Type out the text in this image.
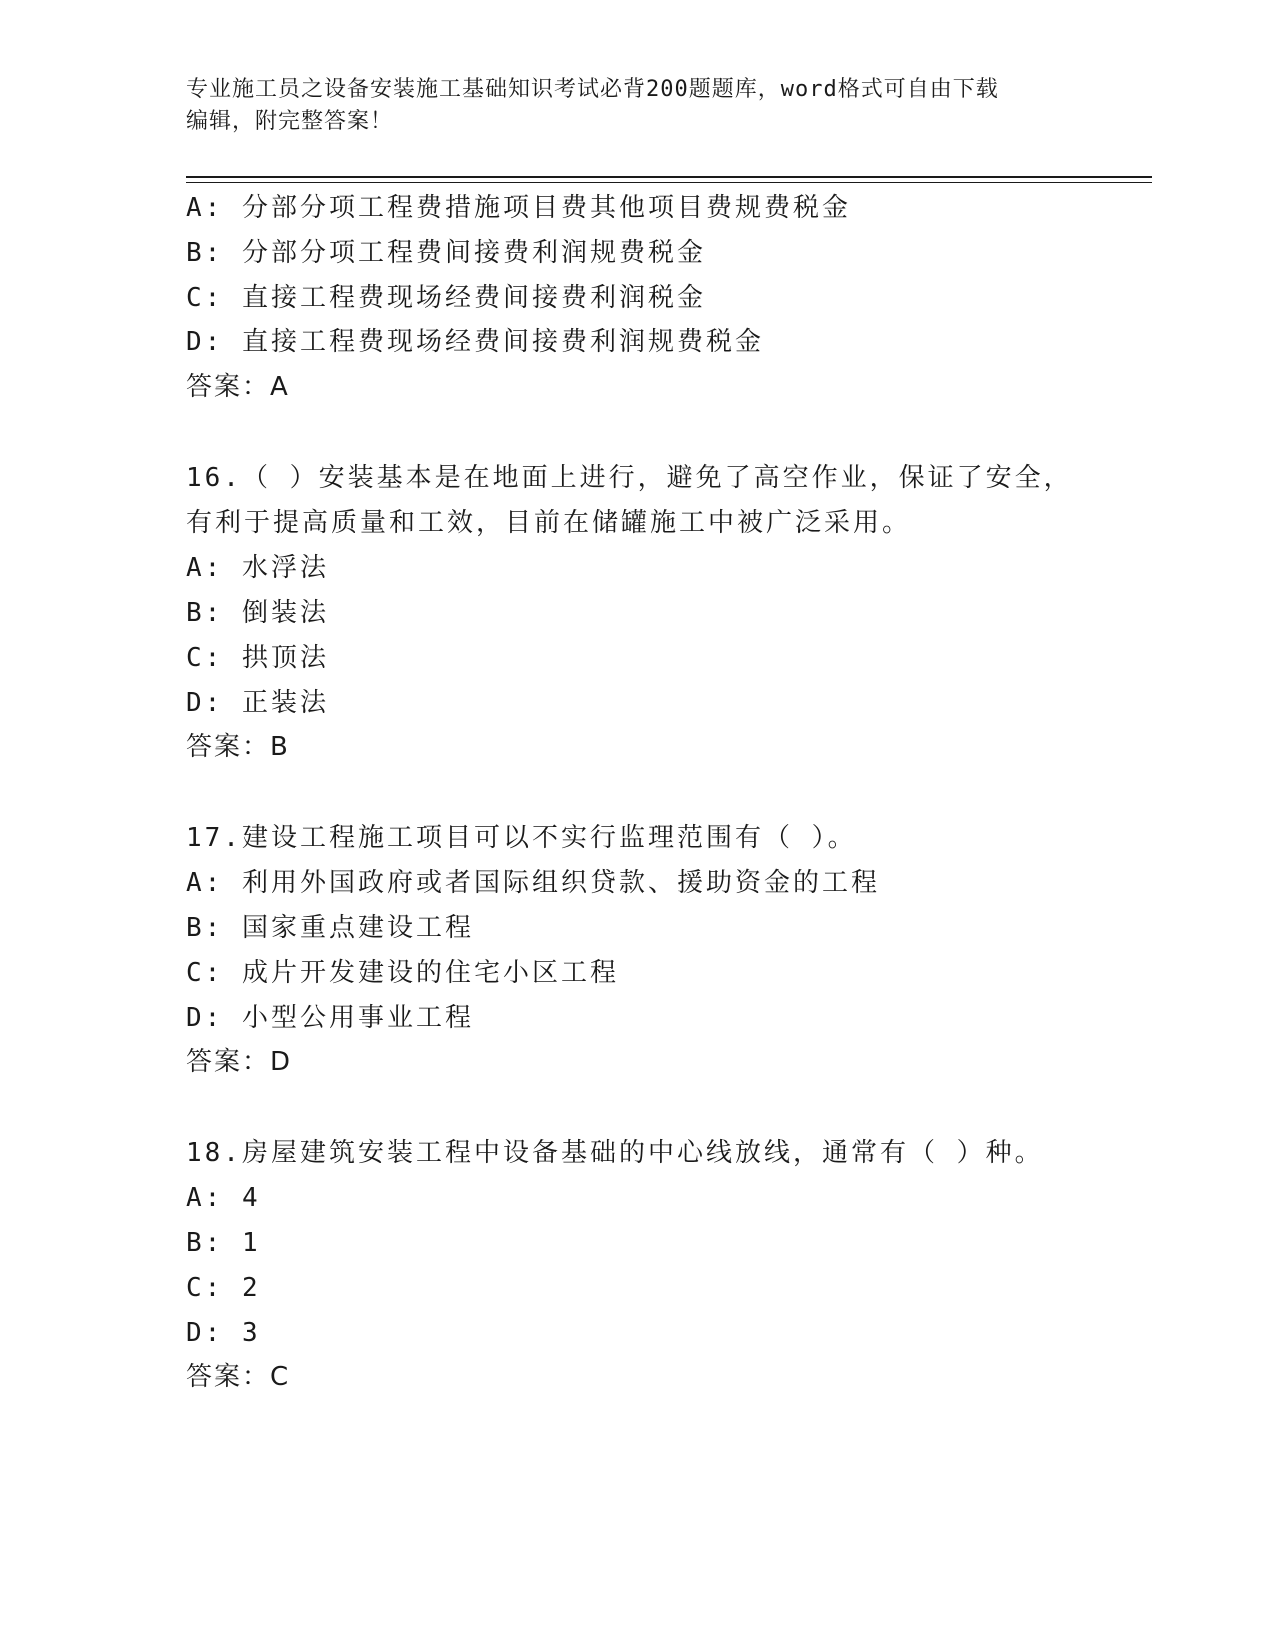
专业施工员之设备安装施工基础知识考试必背200题题库，word格式可自由下载
编辑，附完整答案！
A: 分部分项工程费措施项目费其他项目费规费税金
B: 分部分项工程费间接费利润规费税金
C: 直接工程费现场经费间接费利润税金
D: 直接工程费现场经费间接费利润规费税金
答案：A
16.（ ）安装基本是在地面上进行，避免了高空作业，保证了安全，
有利于提高质量和工效，目前在储罐施工中被广泛采用。
A: 水浮法
B: 倒装法
C: 拱顶法
D: 正装法
答案：B
17.建设工程施工项目可以不实行监理范围有（ ）。
A: 利用外国政府或者国际组织贷款、援助资金的工程
B: 国家重点建设工程
C: 成片开发建设的住宅小区工程
D: 小型公用事业工程
答案：D
18.房屋建筑安装工程中设备基础的中心线放线，通常有（ ）种。
A: 4
B: 1
C: 2
D: 3
答案：C
